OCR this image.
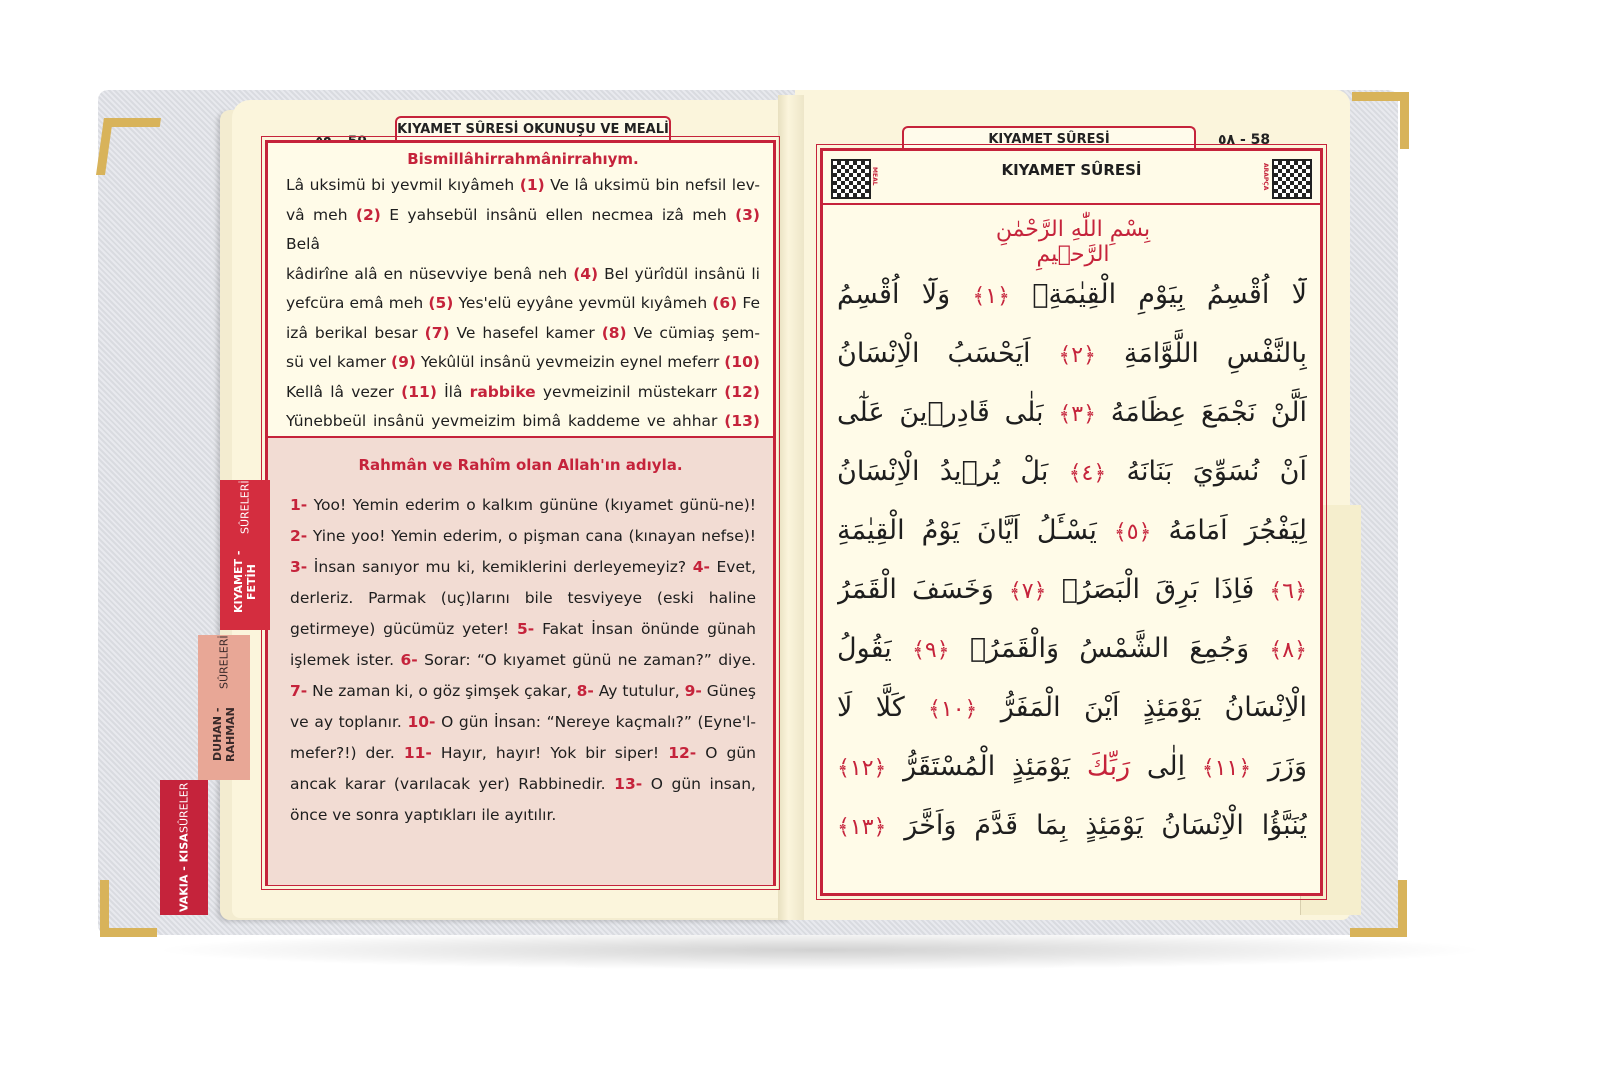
KIYAMET SÛRESİ OKUNUŞU VE MEALİ
Bismillâhirrahmânirrahıym.
Lâ uksimü bi yevmil kıyâmeh (1) Ve lâ uksimü bin nefsil lev-
vâ meh (2) E yahsebül insânü ellen necmea izâ meh (3) Belâ
kâdirîne alâ en nüsevviye benâ neh (4) Bel yürîdül insânü li
yefcüra emâ meh (5) Yes'elü eyyâne yevmül kıyâmeh (6) Fe
izâ berikal besar (7) Ve hasefel kamer (8) Ve cümiaş şem-
sü vel kamer (9) Yekûlül insânü yevmeizin eynel meferr (10)
Kellâ lâ vezer (11) İlâ rabbike yevmeizinil müstekarr (12)
Yünebbeül insânü yevmeizim bimâ kaddeme ve ahhar (13)
Rahmân ve Rahîm olan Allah'ın adıyla.
1- Yoo! Yemin ederim o kalkım gününe (kıyamet günü-ne)! 2- Yine yoo! Yemin ederim, o pişman cana (kınayan nefse)! 3- İnsan sanıyor mu ki, kemiklerini derleyemeyiz? 4- Evet, derleriz. Parmak (uç)larını bile tesviyeye (eski haline getirmeye) gücümüz yeter! 5- Fakat İnsan önünde günah işlemek ister. 6- Sorar: “O kıyamet günü ne zaman?” diye. 7- Ne zaman ki, o göz şimşek çakar, 8- Ay tutulur, 9- Güneş ve ay toplanır. 10- O gün İnsan: “Nereye kaçmalı?” (Eyne'l-mefer?!) der. 11- Hayır, hayır! Yok bir siper! 12- O gün ancak karar (varılacak yer) Rabbinedir. 13- O gün insan, önce ve sonra yaptıkları ile ayıtılır.
KIYAMET - FETİH
SÛRELERİ
DUHAN - RAHMAN
SÛRELERİ
VAKIA - KISA
SÛRELER
KIYAMET SÛRESİ	٥٨ - 58
MEAL	KIYAMET SÛRESİ	ARAPÇA
بِسْمِ اللّٰهِ الرَّحْمٰنِ الرَّح۪يمِ
لَٓا اُقْسِمُ بِيَوْمِ الْقِيٰمَةِۙ ﴿١﴾ وَلَٓا اُقْسِمُ
بِالنَّفْسِ اللَّوَّامَةِ ﴿٢﴾ اَيَحْسَبُ الْاِنْسَانُ
اَلَّنْ نَجْمَعَ عِظَامَهُ ﴿٣﴾ بَلٰى قَادِر۪ينَ عَلٰٓى
اَنْ نُسَوِّيَ بَنَانَهُ ﴿٤﴾ بَلْ يُر۪يدُ الْاِنْسَانُ
لِيَفْجُرَ اَمَامَهُ ﴿٥﴾ يَسْـَٔلُ اَيَّانَ يَوْمُ الْقِيٰمَةِ
﴿٦﴾ فَاِذَا بَرِقَ الْبَصَرُۙ ﴿٧﴾ وَخَسَفَ الْقَمَرُ
﴿٨﴾ وَجُمِعَ الشَّمْسُ وَالْقَمَرُۙ ﴿٩﴾ يَقُولُ
الْاِنْسَانُ يَوْمَئِذٍ اَيْنَ الْمَفَرُّ ﴿١٠﴾ كَلَّا لَا
وَزَرَ ﴿١١﴾ اِلٰى رَبِّكَ يَوْمَئِذٍ الْمُسْتَقَرُّ ﴿١٢﴾
يُنَبَّؤُا الْاِنْسَانُ يَوْمَئِذٍ بِمَا قَدَّمَ وَاَخَّرَ ﴿١٣﴾
